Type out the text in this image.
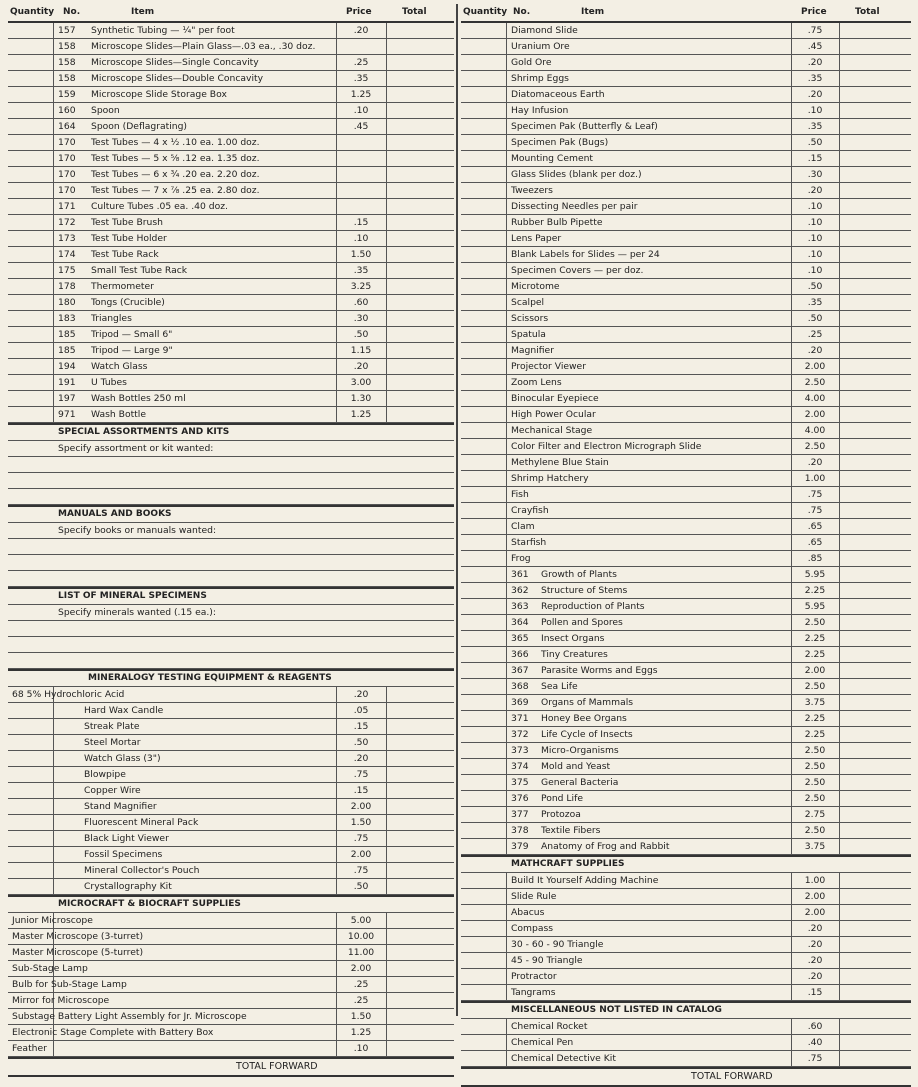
Quantity No.	Item	Price	Total
157 Synthetic Tubing — ¼" per foot	.20
158 Microscope Slides—Plain Glass—.03 ea., .30 doz.
158 Microscope Slides—Single Concavity	.25
158 Microscope Slides—Double Concavity	.35
159 Microscope Slide Storage Box	1.25
160 Spoon	.10
164 Spoon (Deflagrating)	.45
170 Test Tubes — 4 x ½ .10 ea. 1.00 doz.
170 Test Tubes — 5 x ⅝ .12 ea. 1.35 doz.
170 Test Tubes — 6 x ¾ .20 ea. 2.20 doz.
170 Test Tubes — 7 x ⅞ .25 ea. 2.80 doz.
171 Culture Tubes .05 ea. .40 doz.
172 Test Tube Brush	.15
173 Test Tube Holder	.10
174 Test Tube Rack	1.50
175 Small Test Tube Rack	.35
178 Thermometer	3.25
180 Tongs (Crucible)	.60
183 Triangles	.30
185 Tripod — Small 6"	.50
185 Tripod — Large 9"	1.15
194 Watch Glass	.20
191 U Tubes	3.00
197 Wash Bottles 250 ml	1.30
971 Wash Bottle	1.25
SPECIAL ASSORTMENTS AND KITS
Specify assortment or kit wanted:
MANUALS AND BOOKS
Specify books or manuals wanted:
LIST OF MINERAL SPECIMENS
Specify minerals wanted (.15 ea.):
MINERALOGY TESTING EQUIPMENT & REAGENTS
68 5% Hydrochloric Acid	.20
Hard Wax Candle	.05
Streak Plate	.15
Steel Mortar	.50
Watch Glass (3")	.20
Blowpipe	.75
Copper Wire	.15
Stand Magnifier	2.00
Fluorescent Mineral Pack	1.50
Black Light Viewer	.75
Fossil Specimens	2.00
Mineral Collector's Pouch	.75
Crystallography Kit	.50
MICROCRAFT & BIOCRAFT SUPPLIES
Junior Microscope	5.00
Master Microscope (3-turret)	10.00
Master Microscope (5-turret)	11.00
Sub-Stage Lamp	2.00
Bulb for Sub-Stage Lamp	.25
Mirror for Microscope	.25
Substage Battery Light Assembly for Jr. Microscope	1.50
Electronic Stage Complete with Battery Box	1.25
Feather	.10
TOTAL FORWARD
Quantity No.	Item	Price	Total
Diamond Slide	.75
Uranium Ore	.45
Gold Ore	.20
Shrimp Eggs	.35
Diatomaceous Earth	.20
Hay Infusion	.10
Specimen Pak (Butterfly & Leaf)	.35
Specimen Pak (Bugs)	.50
Mounting Cement	.15
Glass Slides (blank per doz.)	.30
Tweezers	.20
Dissecting Needles per pair	.10
Rubber Bulb Pipette	.10
Lens Paper	.10
Blank Labels for Slides — per 24	.10
Specimen Covers — per doz.	.10
Microtome	.50
Scalpel	.35
Scissors	.50
Spatula	.25
Magnifier	.20
Projector Viewer	2.00
Zoom Lens	2.50
Binocular Eyepiece	4.00
High Power Ocular	2.00
Mechanical Stage	4.00
Color Filter and Electron Micrograph Slide	2.50
Methylene Blue Stain	.20
Shrimp Hatchery	1.00
Fish	.75
Crayfish	.75
Clam	.65
Starfish	.65
Frog	.85
361 Growth of Plants	5.95
362 Structure of Stems	2.25
363 Reproduction of Plants	5.95
364 Pollen and Spores	2.50
365 Insect Organs	2.25
366 Tiny Creatures	2.25
367 Parasite Worms and Eggs	2.00
368 Sea Life	2.50
369 Organs of Mammals	3.75
371 Honey Bee Organs	2.25
372 Life Cycle of Insects	2.25
373 Micro-Organisms	2.50
374 Mold and Yeast	2.50
375 General Bacteria	2.50
376 Pond Life	2.50
377 Protozoa	2.75
378 Textile Fibers	2.50
379 Anatomy of Frog and Rabbit	3.75
MATHCRAFT SUPPLIES
Build It Yourself Adding Machine	1.00
Slide Rule	2.00
Abacus	2.00
Compass	.20
30 - 60 - 90 Triangle	.20
45 - 90 Triangle	.20
Protractor	.20
Tangrams	.15
MISCELLANEOUS NOT LISTED IN CATALOG
Chemical Rocket	.60
Chemical Pen	.40
Chemical Detective Kit	.75
TOTAL FORWARD
